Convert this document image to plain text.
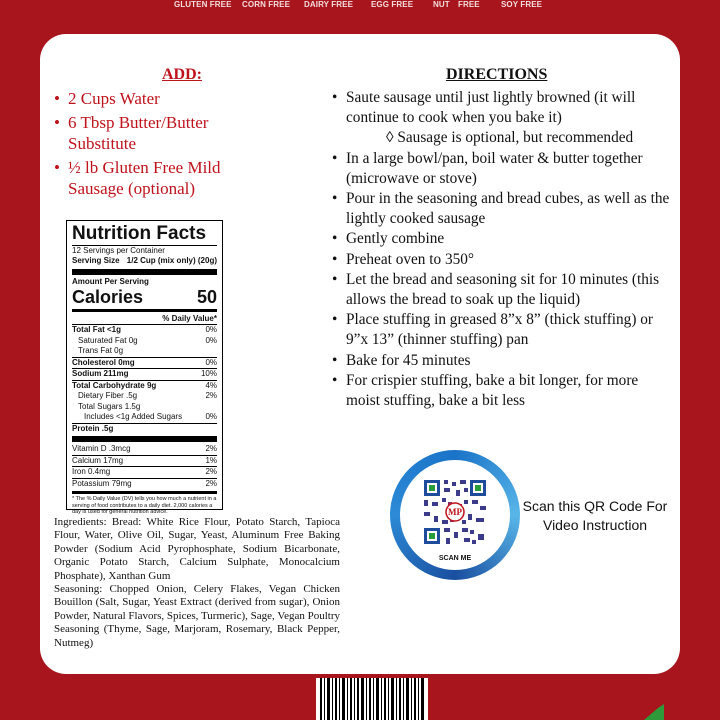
GLUTEN FREE CORN FREE DAIRY FREE EGG FREE NUT FREE	SOY FREE
ADD:
• 2 Cups Water
• 6 Tbsp Butter/Butter Substitute
• ½ lb Gluten Free Mild Sausage (optional)
Nutrition Facts
12 Servings per Container
Serving Size 1/2 Cup (mix only) (20g)
Amount Per Serving
Calories	50
% Daily Value*
Total Fat <1g	0%
Saturated Fat 0g	0%
Trans Fat 0g
Cholesterol 0mg	0%
Sodium 211mg	10%
Total Carbohydrate 9g	4%
Dietary Fiber .5g	2%
Total Sugars 1.5g
Includes <1g Added Sugars	0%
Protein .5g
Vitamin D .3mcg	2%
Calcium 17mg	1%
Iron 0.4mg	2%
Potassium 79mg	2%
* The % Daily Value (DV) tells you how much a nutrient in a serving of food contributes to a daily diet. 2,000 calories a day is used for general nutrition advice.
Ingredients: Bread: White Rice Flour, Potato Starch, Tapioca Flour, Water, Olive Oil, Sugar, Yeast, Aluminum Free Baking Powder (Sodium Acid Pyrophosphate, Sodium Bicarbonate, Organic Potato Starch, Calcium Sulphate, Monocalcium Phosphate), Xanthan Gum
Seasoning: Chopped Onion, Celery Flakes, Vegan Chicken Bouillon (Salt, Sugar, Yeast Extract (derived from sugar), Onion Powder, Natural Flavors, Spices, Turmeric), Sage, Vegan Poultry Seasoning (Thyme, Sage, Marjoram, Rosemary, Black Pepper, Nutmeg)
DIRECTIONS
• Saute sausage until just lightly browned (it will continue to cook when you bake it)
◊ Sausage is optional, but recommended
• In a large bowl/pan, boil water & butter together (microwave or stove)
• Pour in the seasoning and bread cubes, as well as the lightly cooked sausage
• Gently combine
• Preheat oven to 350°
• Let the bread and seasoning sit for 10 minutes (this allows the bread to soak up the liquid)
• Place stuffing in greased 8”x 8” (thick stuffing) or 9”x 13” (thinner stuffing) pan
• Bake for 45 minutes
• For crispier stuffing, bake a bit longer, for more moist stuffing, bake a bit less
MP
SCAN ME
Scan this QR Code For Video Instruction
